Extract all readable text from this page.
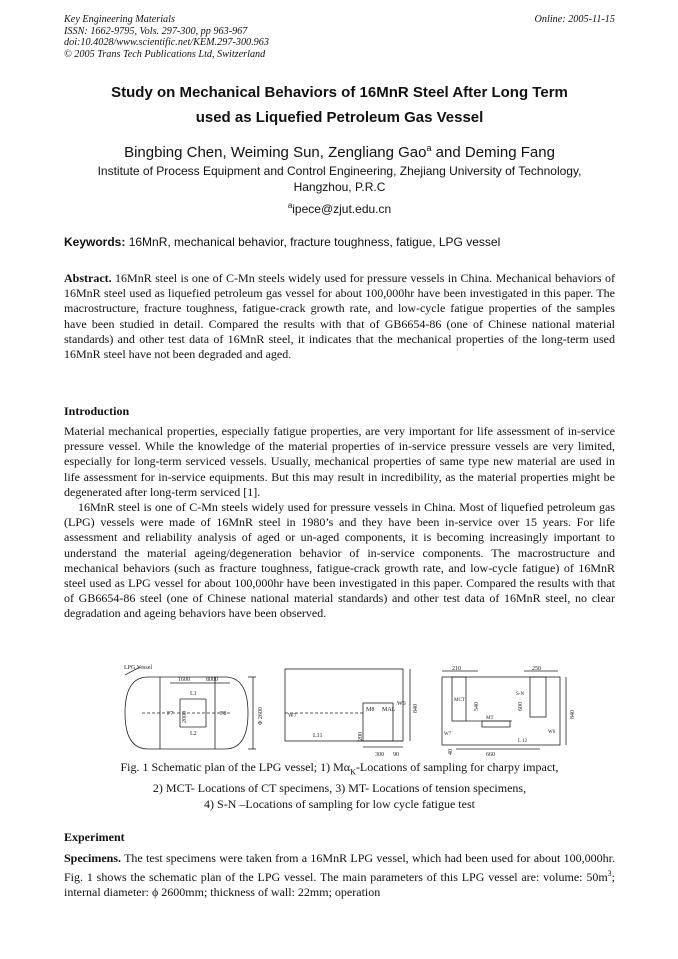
Key Engineering Materials
ISSN: 1662-9795, Vols. 297-300, pp 963-967
doi:10.4028/www.scientific.net/KEM.297-300.963
© 2005 Trans Tech Publications Ltd, Switzerland
Online: 2005-11-15
Study on Mechanical Behaviors of 16MnR Steel After Long Term
used as Liquefied Petroleum Gas Vessel
Bingbing Chen, Weiming Sun, Zengliang Gao$^a$ and Deming Fang
Institute of Process Equipment and Control Engineering, Zhejiang University of Technology,
Hangzhou, P.R.C
$^a$ipece@zjut.edu.cn
Keywords: 16MnR, mechanical behavior, fracture toughness, fatigue, LPG vessel
Abstract. 16MnR steel is one of C-Mn steels widely used for pressure vessels in China. Mechanical behaviors of 16MnR steel used as liquefied petroleum gas vessel for about 100,000hr have been investigated in this paper. The macrostructure, fracture toughness, fatigue-crack growth rate, and low-cycle fatigue properties of the samples have been studied in detail. Compared the results with that of GB6654-86 (one of Chinese national material standards) and other test data of 16MnR steel, it indicates that the mechanical properties of the long-term used 16MnR steel have not been degraded and aged.
Introduction
Material mechanical properties, especially fatigue properties, are very important for life assessment of in-service pressure vessel. While the knowledge of the material properties of in-service pressure vessels are very limited, especially for long-term serviced vessels. Usually, mechanical properties of same type new material are used in life assessment for in-service equipments. But this may result in incredibility, as the material properties might be degenerated after long-term serviced [1].
16MnR steel is one of C-Mn steels widely used for pressure vessels in China. Most of liquefied petroleum gas (LPG) vessels were made of 16MnR steel in 1980’s and they have been in-service over 15 years. For life assessment and reliability analysis of aged or un-aged components, it is becoming increasingly important to understand the material ageing/degeneration behavior of in-service components. The macrostructure and mechanical behaviors (such as fracture toughness, fatigue-crack growth rate, and low-cycle fatigue) of 16MnR steel used as LPG vessel for about 100,000hr have been investigated in this paper. Compared the results with that of GB6654-86 steel (one of Chinese national material standards) and other test data of 16MnR steel, no clear degradation and ageing behaviors have been observed.
LPG Vessel
1600	8000
L1
L2
F7	F8
2000	Φ 2600	W7
W6
M8 MAL
L11
840
200
300 90
210	250
MCT
S-N
540	600
840
MT
W7	W6
L 12
40	660
Fig. 1 Schematic plan of the LPG vessel; 1) $M\alpha_K$-Locations of sampling for charpy impact,
2) MCT- Locations of CT specimens, 3) MT- Locations of tension specimens,
4) S-N –Locations of sampling for low cycle fatigue test
Experiment
Specimens. The test specimens were taken from a 16MnR LPG vessel, which had been used for about 100,000hr. Fig. 1 shows the schematic plan of the LPG vessel. The main parameters of this LPG vessel are: volume: $50m^3$; internal diameter: ϕ 2600mm; thickness of wall: 22mm; operation
